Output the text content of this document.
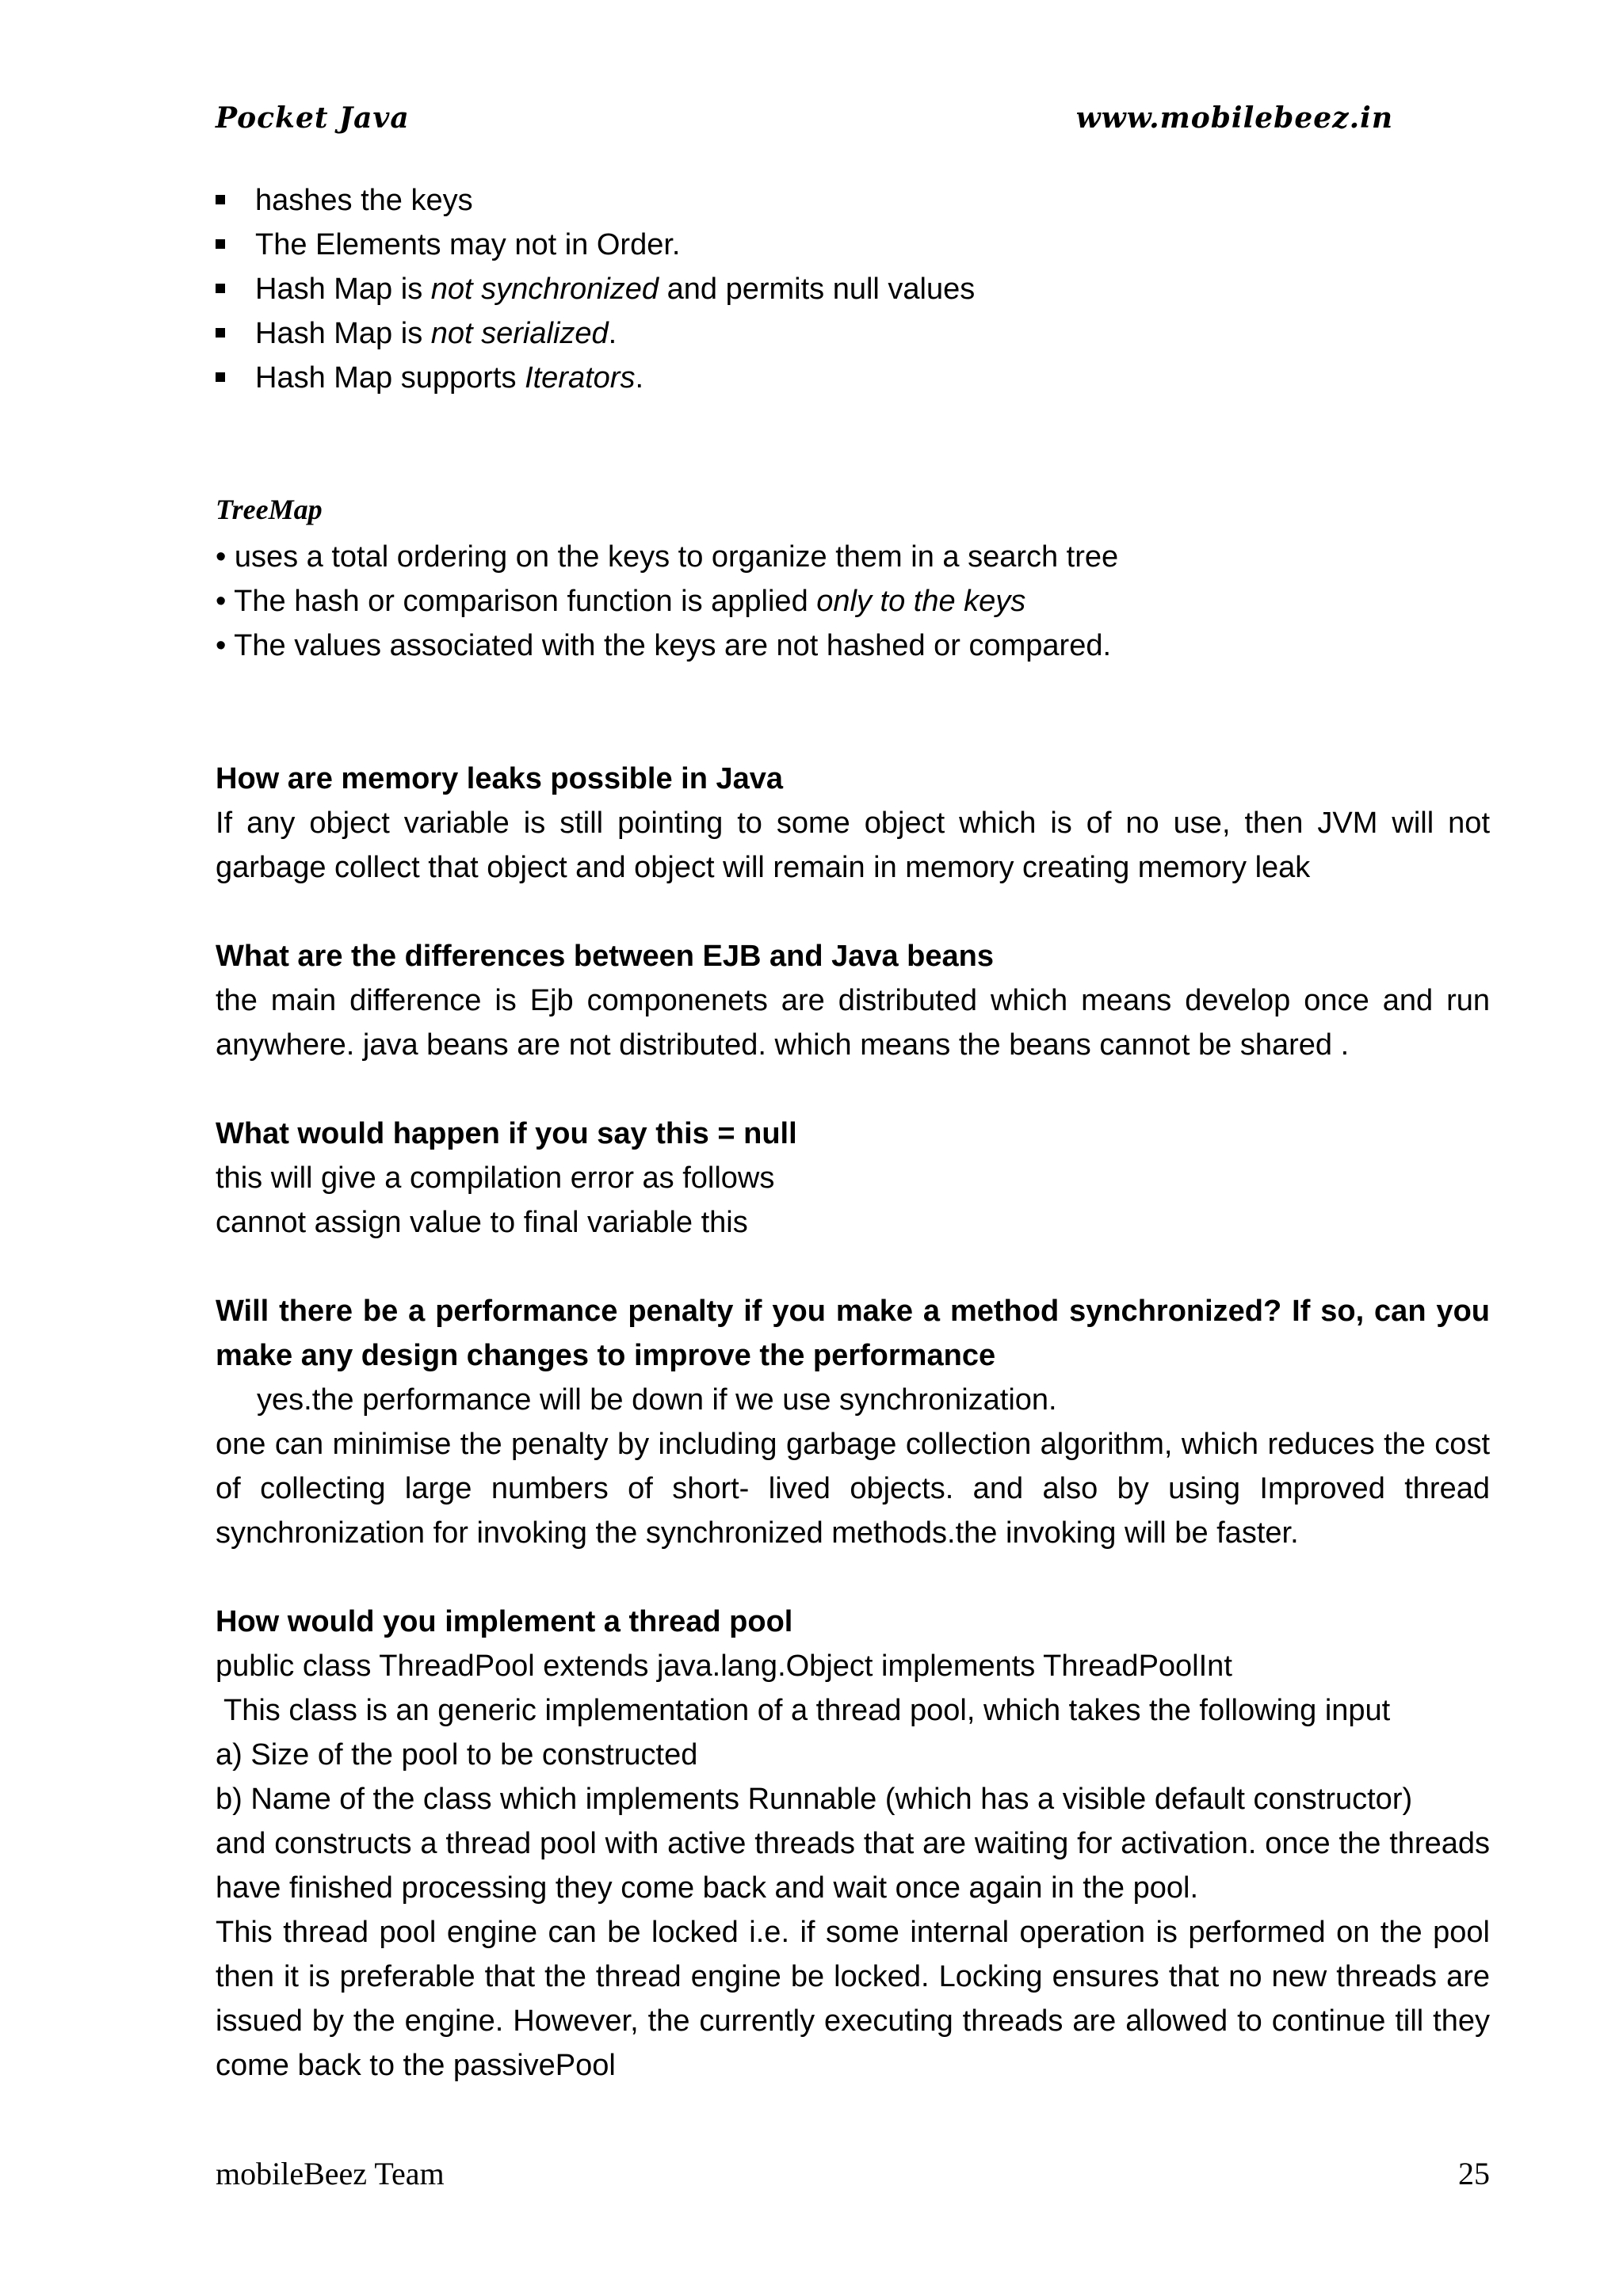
Pocket Java	www.mobilebeez.in
hashes the keys
The Elements may not in Order.
Hash Map is not synchronized and permits null values
Hash Map is not serialized.
Hash Map supports Iterators.
TreeMap
• uses a total ordering on the keys to organize them in a search tree
• The hash or comparison function is applied only to the keys
• The values associated with the keys are not hashed or compared.
How are memory leaks possible in Java
If any object variable is still pointing to some object which is of no use, then JVM will not garbage collect that object and object will remain in memory creating memory leak
What are the differences between EJB and Java beans
the main difference is Ejb componenets are distributed which means develop once and run anywhere. java beans are not distributed. which means the beans cannot be shared .
What would happen if you say this = null
this will give a compilation error as follows
cannot assign value to final variable this
Will there be a performance penalty if you make a method synchronized? If so, can you make any design changes to improve the performance
yes.the performance will be down if we use synchronization.
one can minimise the penalty by including garbage collection algorithm, which reduces the cost of collecting large numbers of short- lived objects. and also by using Improved thread synchronization for invoking the synchronized methods.the invoking will be faster.
How would you implement a thread pool
public class ThreadPool extends java.lang.Object implements ThreadPoolInt
This class is an generic implementation of a thread pool, which takes the following input
a) Size of the pool to be constructed
b) Name of the class which implements Runnable (which has a visible default constructor)
and constructs a thread pool with active threads that are waiting for activation. once the threads have finished processing they come back and wait once again in the pool.
This thread pool engine can be locked i.e. if some internal operation is performed on the pool then it is preferable that the thread engine be locked. Locking ensures that no new threads are issued by the engine. However, the currently executing threads are allowed to continue till they come back to the passivePool
mobileBeez Team	25
